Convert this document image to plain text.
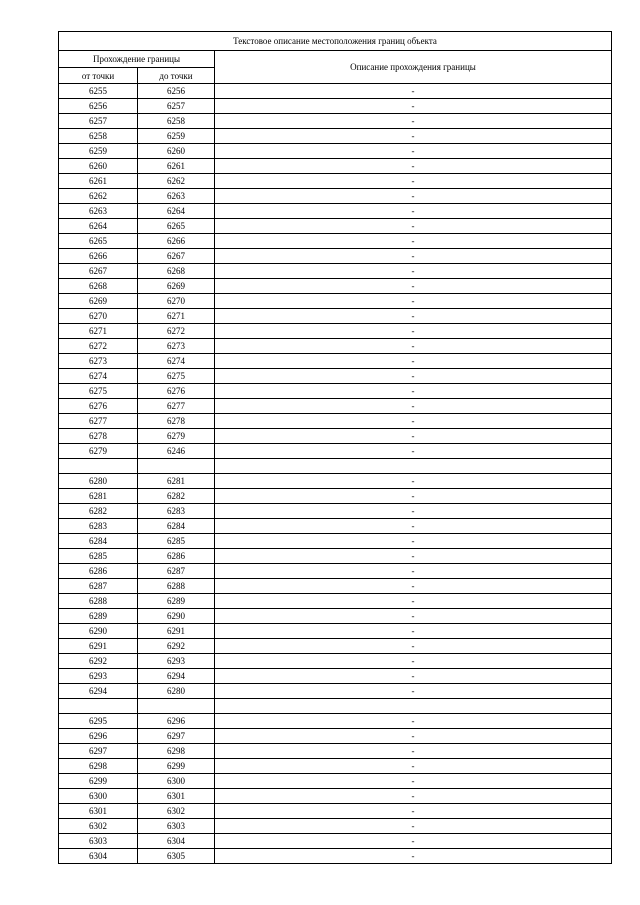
Текстовое описание местоположения границ объекта		
Прохождение границы		Описание прохождения границы
от точки	до точки	
6255	6256	-
6256	6257	-
6257	6258	-
6258	6259	-
6259	6260	-
6260	6261	-
6261	6262	-
6262	6263	-
6263	6264	-
6264	6265	-
6265	6266	-
6266	6267	-
6267	6268	-
6268	6269	-
6269	6270	-
6270	6271	-
6271	6272	-
6272	6273	-
6273	6274	-
6274	6275	-
6275	6276	-
6276	6277	-
6277	6278	-
6278	6279	-
6279	6246	-

6280	6281	-
6281	6282	-
6282	6283	-
6283	6284	-
6284	6285	-
6285	6286	-
6286	6287	-
6287	6288	-
6288	6289	-
6289	6290	-
6290	6291	-
6291	6292	-
6292	6293	-
6293	6294	-
6294	6280	-

6295	6296	-
6296	6297	-
6297	6298	-
6298	6299	-
6299	6300	-
6300	6301	-
6301	6302	-
6302	6303	-
6303	6304	-
6304	6305	-
